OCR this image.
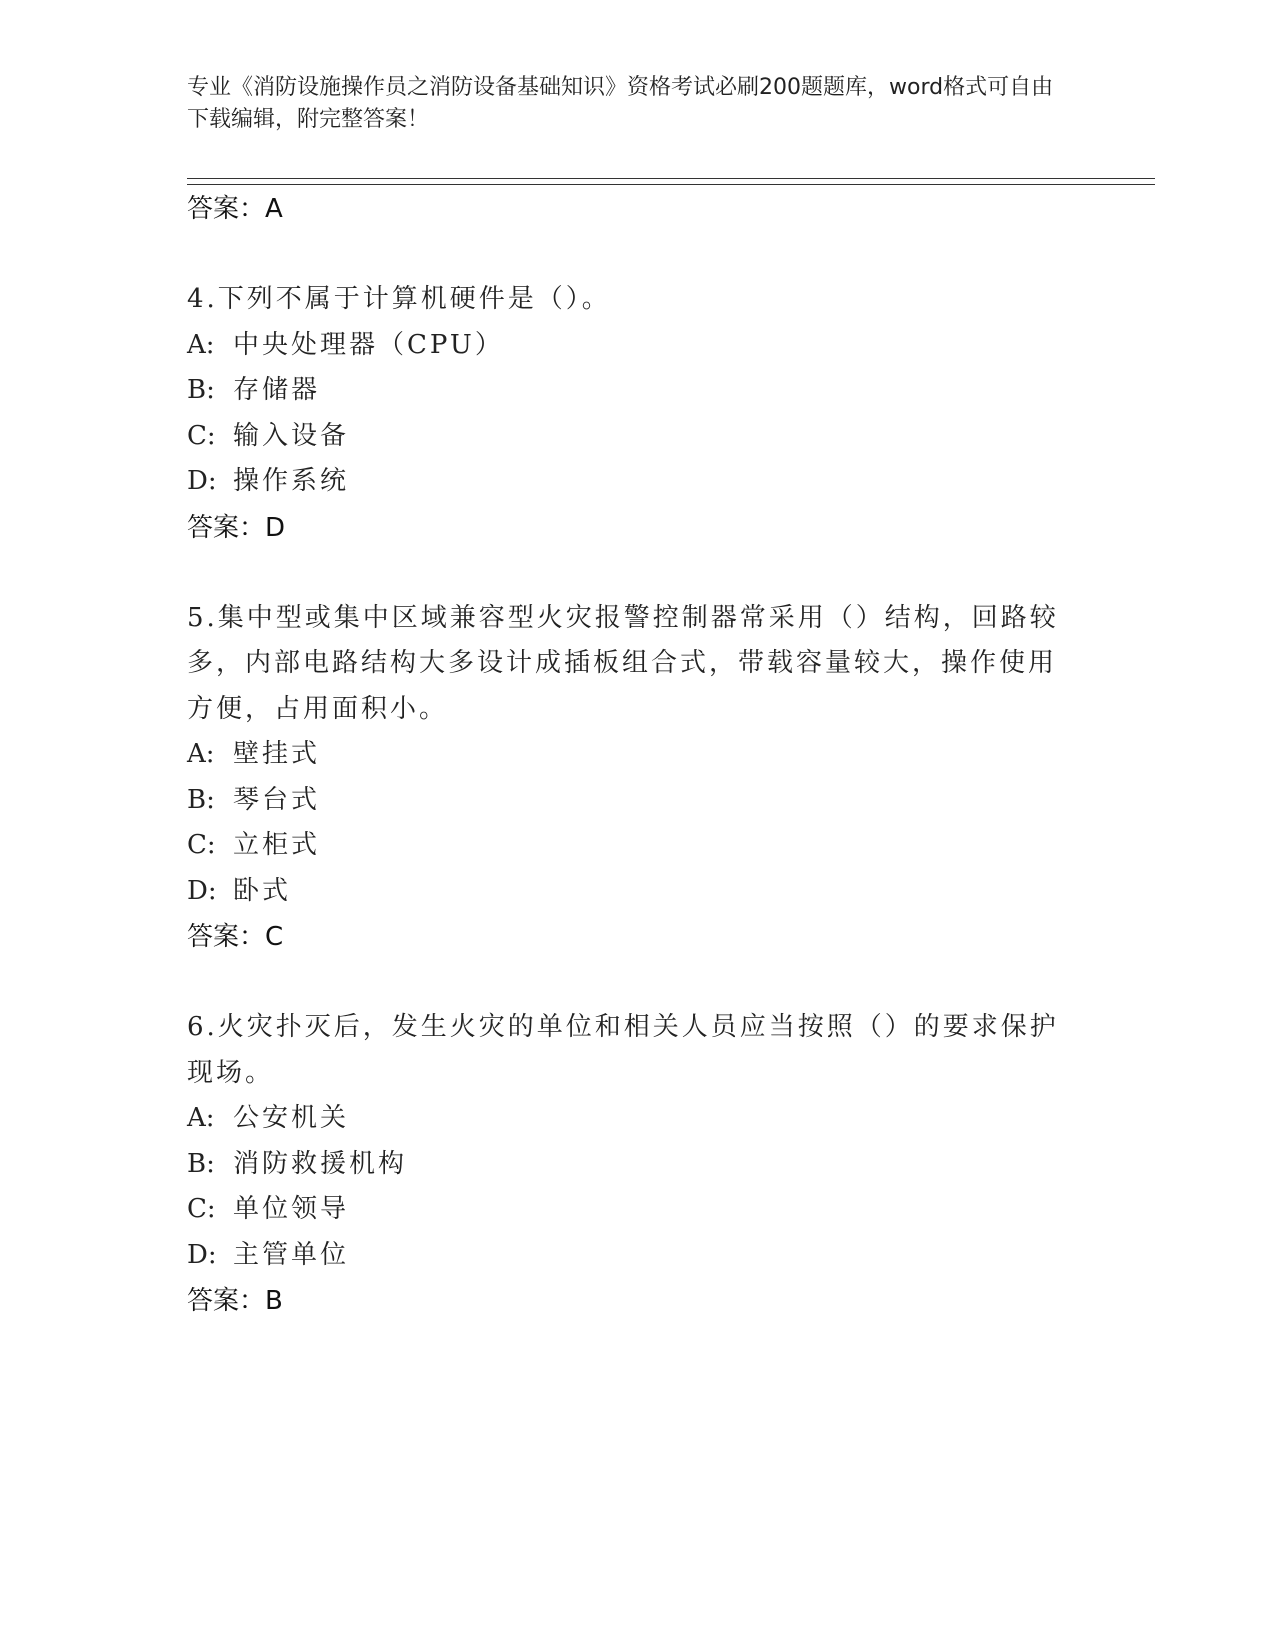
专业《消防设施操作员之消防设备基础知识》资格考试必刷200题题库，word格式可自由下载编辑，附完整答案！
答案：A
4.下列不属于计算机硬件是（）。
A: 中央处理器（CPU）
B: 存储器
C: 输入设备
D: 操作系统
答案：D
5.集中型或集中区域兼容型火灾报警控制器常采用（）结构，回路较多，内部电路结构大多设计成插板组合式，带载容量较大，操作使用方便，占用面积小。
A: 壁挂式
B: 琴台式
C: 立柜式
D: 卧式
答案：C
6.火灾扑灭后，发生火灾的单位和相关人员应当按照（）的要求保护现场。
A: 公安机关
B: 消防救援机构
C: 单位领导
D: 主管单位
答案：B
